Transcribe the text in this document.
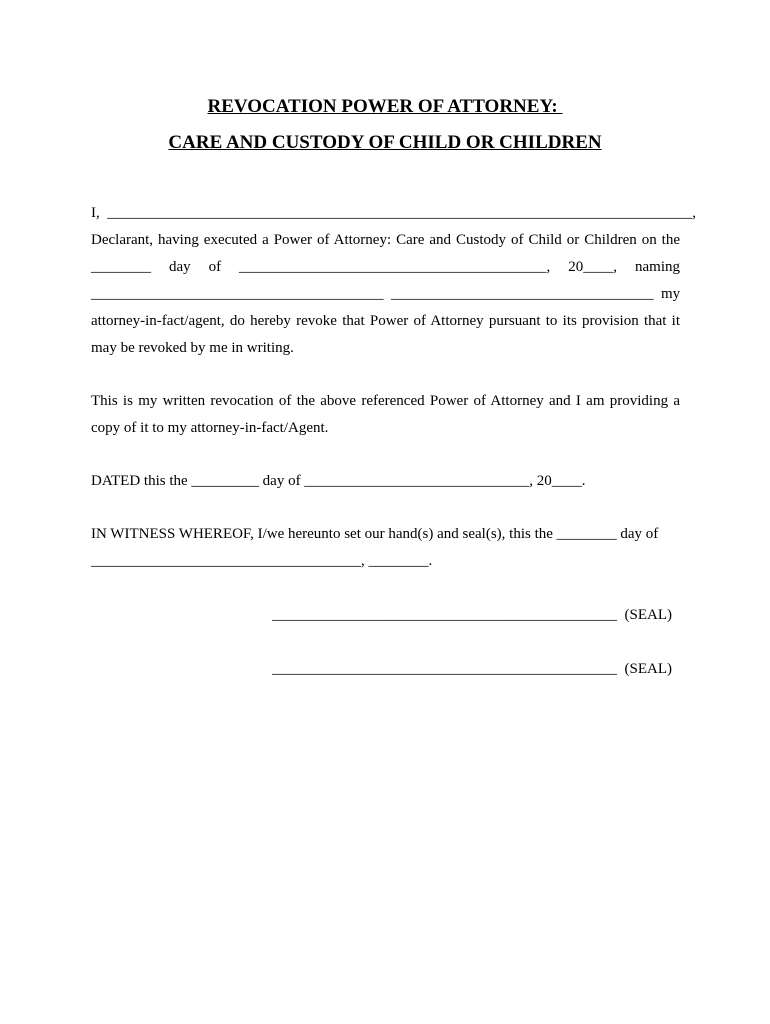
REVOCATION POWER OF ATTORNEY:
CARE AND CUSTODY OF CHILD OR CHILDREN
I,  ______________________________________________________________________________,
Declarant, having executed a Power of Attorney: Care and Custody of Child or Children on the
________  day  of  _________________________________________,  20____,  naming
_______________________________________  ___________________________________  my
attorney-in-fact/agent, do hereby revoke that Power of Attorney pursuant to its provision that it
may be revoked by me in writing.
This is my written revocation of the above referenced Power of Attorney and I am providing a
copy of it to my attorney-in-fact/Agent.
DATED this the _________ day of ______________________________, 20____.
IN WITNESS WHEREOF, I/we hereunto set our hand(s) and seal(s), this the ________ day of
____________________________________, ________.
______________________________________________  (SEAL)
______________________________________________  (SEAL)
